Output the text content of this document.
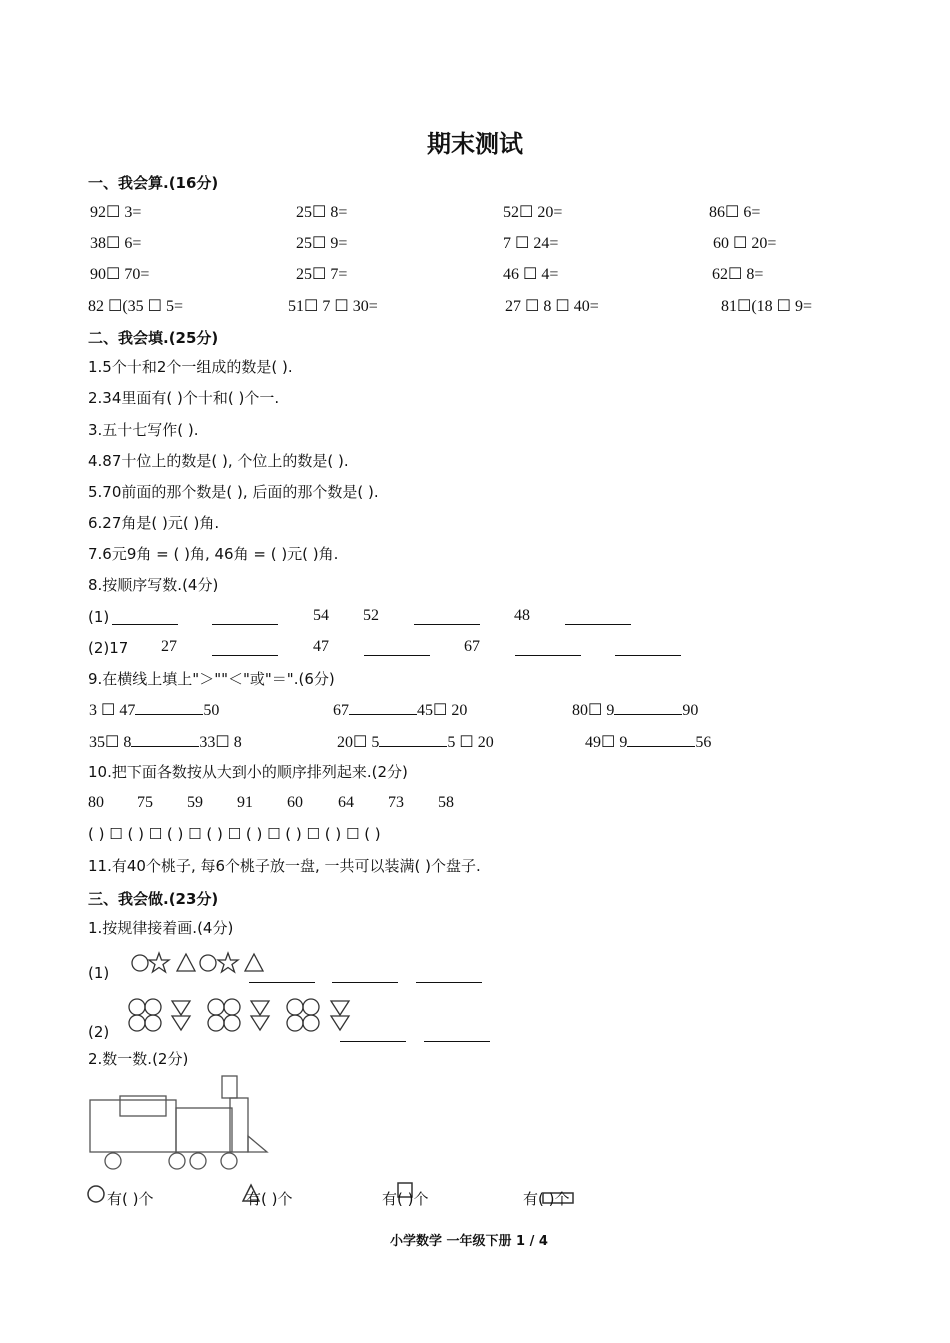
期末测试
一、我会算.(16分)
92☐ 3=	25☐ 8=	52☐ 20=	86☐ 6=
38☐ 6=	25☐ 9=	7 ☐ 24=	60 ☐ 20=
90☐ 70=	25☐ 7=	46 ☐ 4=	62☐ 8=
82 ☐(35 ☐ 5=	51☐ 7 ☐ 30=	27 ☐ 8 ☐ 40=	81☐(18 ☐ 9=
二、我会填.(25分)
1.5个十和2个一组成的数是( ).
2.34里面有( )个十和( )个一.
3.五十七写作( ).
4.87十位上的数是( ), 个位上的数是( ).
5.70前面的那个数是( ), 后面的那个数是( ).
6.27角是( )元( )角.
7.6元9角 = ( )角, 46角 = ( )元( )角.
8.按顺序写数.(4分)
(1)	54 52	48
(2)17 27	47	67
9.在横线上填上"＞""＜"或"＝".(6分)
3 ☐ 47	50	67	45☐ 20	80☐ 9	90
35☐ 8	33☐ 8	20☐ 5	5 ☐ 20	49☐ 9	56
10.把下面各数按从大到小的顺序排列起来.(2分)
80 75 59 91 60 64 73 58
( ) ☐ ( ) ☐ ( ) ☐ ( ) ☐ ( ) ☐ ( ) ☐ ( ) ☐ ( )
11.有40个桃子, 每6个桃子放一盘, 一共可以装满( )个盘子.
三、我会做.(23分)
1.按规律接着画.(4分)
(1)
(2)
2.数一数.(2分)
有( )个	有( )个	有( )个	有( )个
小学数学 一年级下册 1 / 4
